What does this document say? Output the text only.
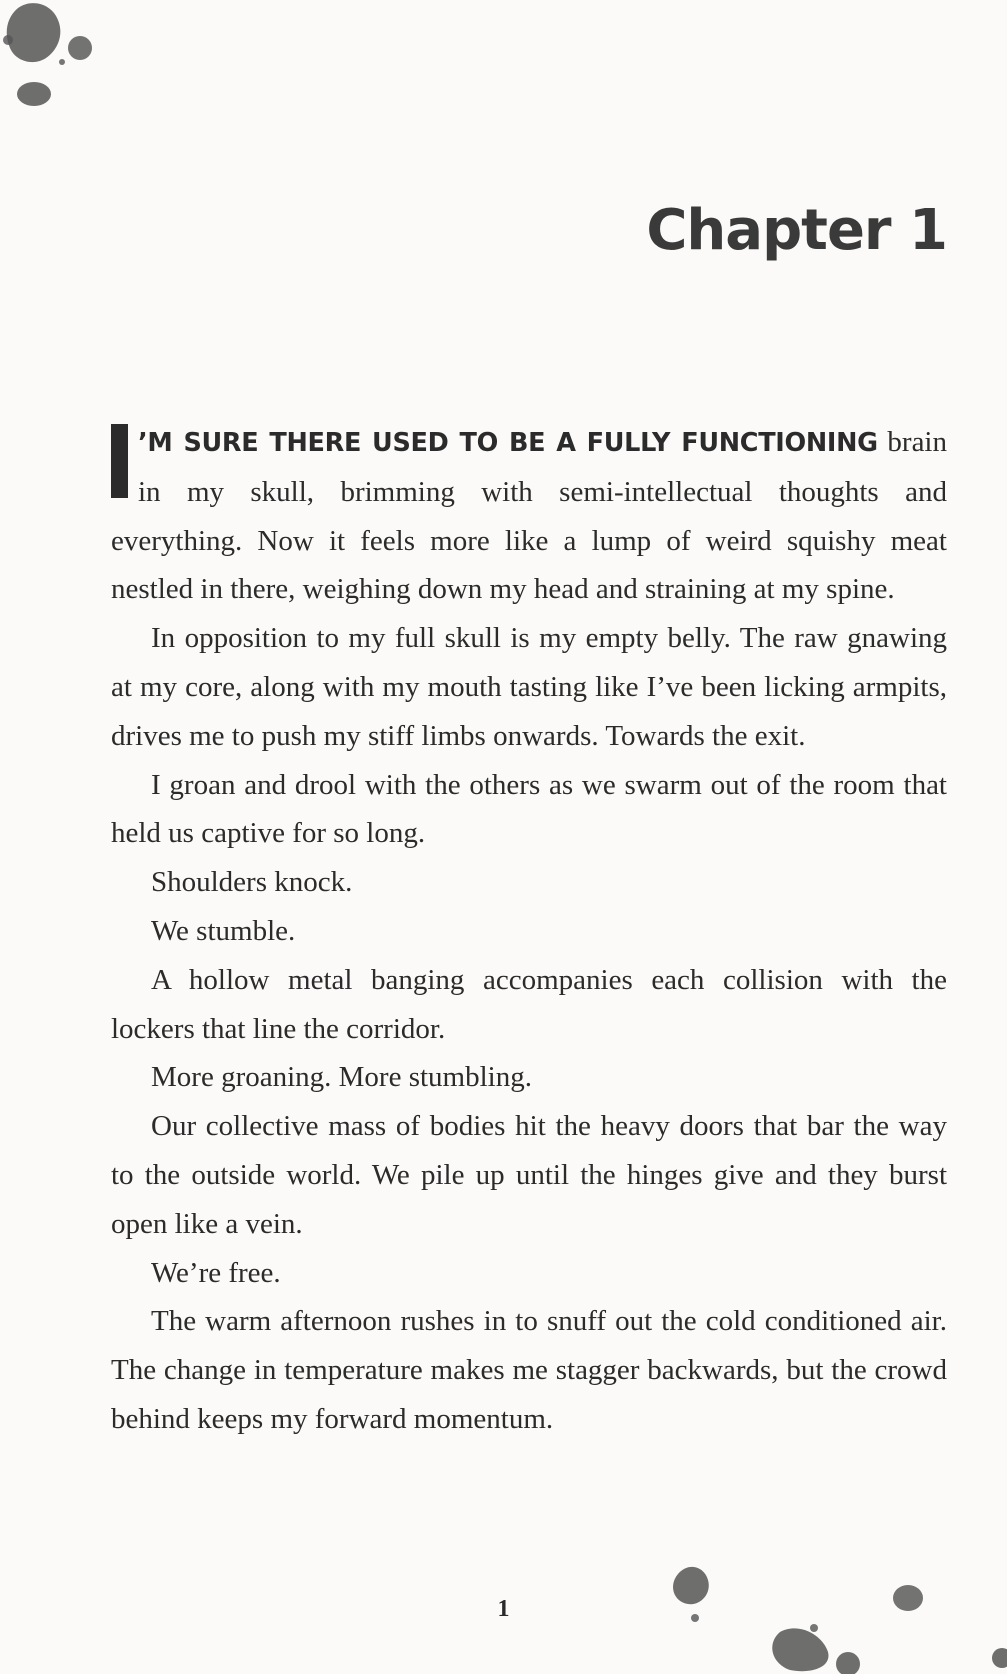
Chapter 1

’M SURE THERE USED TO BE A FULLY FUNCTIONING brain in my skull, brimming with semi-intellectual thoughts and everything. Now it feels more like a lump of weird squishy meat nestled in there, weighing down my head and straining at my spine.

In opposition to my full skull is my empty belly. The raw gnawing at my core, along with my mouth tasting like I’ve been licking armpits, drives me to push my stiff limbs onwards. Towards the exit.

I groan and drool with the others as we swarm out of the room that held us captive for so long.

Shoulders knock.

We stumble.

A hollow metal banging accompanies each collision with the lockers that line the corridor.

More groaning. More stumbling.

Our collective mass of bodies hit the heavy doors that bar the way to the outside world. We pile up until the hinges give and they burst open like a vein.

We’re free.

The warm afternoon rushes in to snuff out the cold conditioned air. The change in temperature makes me stagger backwards, but the crowd behind keeps my forward momentum.

1
